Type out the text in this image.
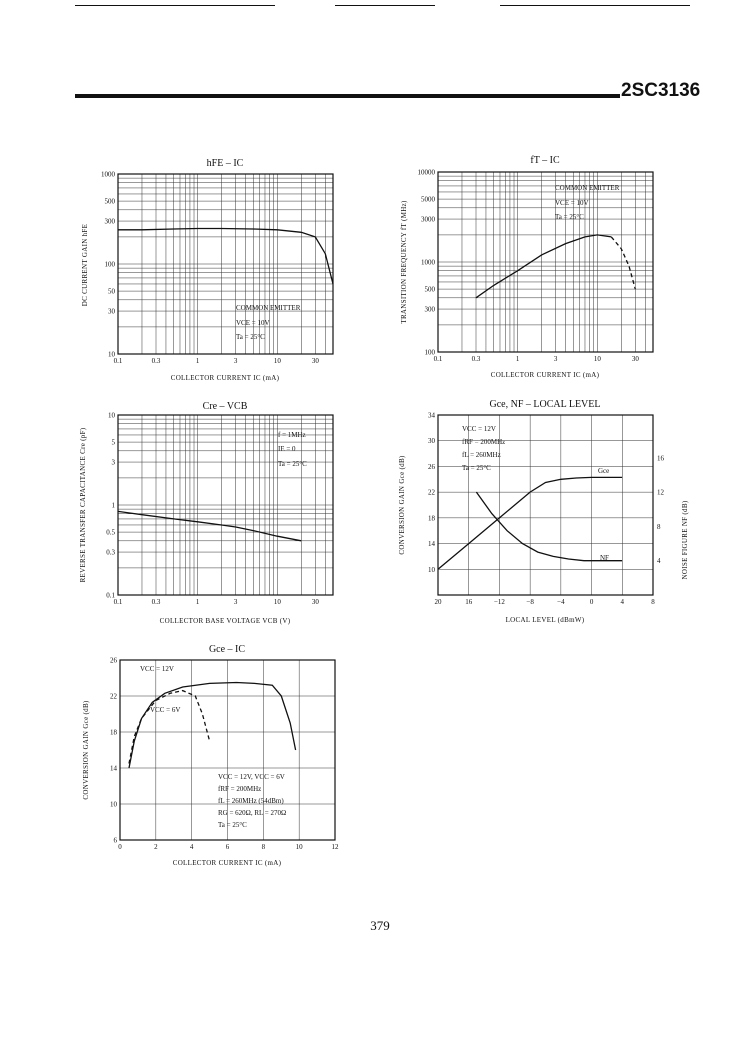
2SC3136
hFE – IC
COLLECTOR CURRENT IC (mA)
DC CURRENT GAIN hFE
COMMON EMITTER
VCE = 10V
Ta = 25°C
0.1	0.3	1	3	10	30
10
30
50
100
300
500
1000
fT – IC
COLLECTOR CURRENT IC (mA)
TRANSITION FREQUENCY fT (MHz)
COMMON EMITTER
VCE = 10V
Ta = 25°C
0.1	0.3	1	3	10	30
100
300
500
1000
3000
5000
10000
Cre – VCB
COLLECTOR BASE VOLTAGE VCB (V)
REVERSE TRANSFER CAPACITANCE Cre (pF)	f = 1MHz
IE = 0
Ta = 25°C
0.1	0.3	1	3	10	30
0.1
0.3
0.5
1
3
5
10
Gce, NF – LOCAL LEVEL
LOCAL LEVEL (dBmW)
CONVERSION GAIN Gce (dB)	NOISE FIGURE NF (dB)
VCC = 12V
fRF = 200MHz
fL = 260MHz
Ta = 25°C	Gce
NF
20	16	−12	−8	−4	0	4	8
10
14
18
22
26
30
34
4
8
12
16
Gce – IC
COLLECTOR CURRENT IC (mA)
CONVERSION GAIN Gce (dB)	VCC = 12V, VCC = 6V
fRF = 200MHz
fL = 260MHz (54dBm)
RG = 620Ω, RL = 270Ω
Ta = 25°C
VCC = 12V
VCC = 6V
0	2	4	6	8	10	12
6
10
14
18
22
26
379
